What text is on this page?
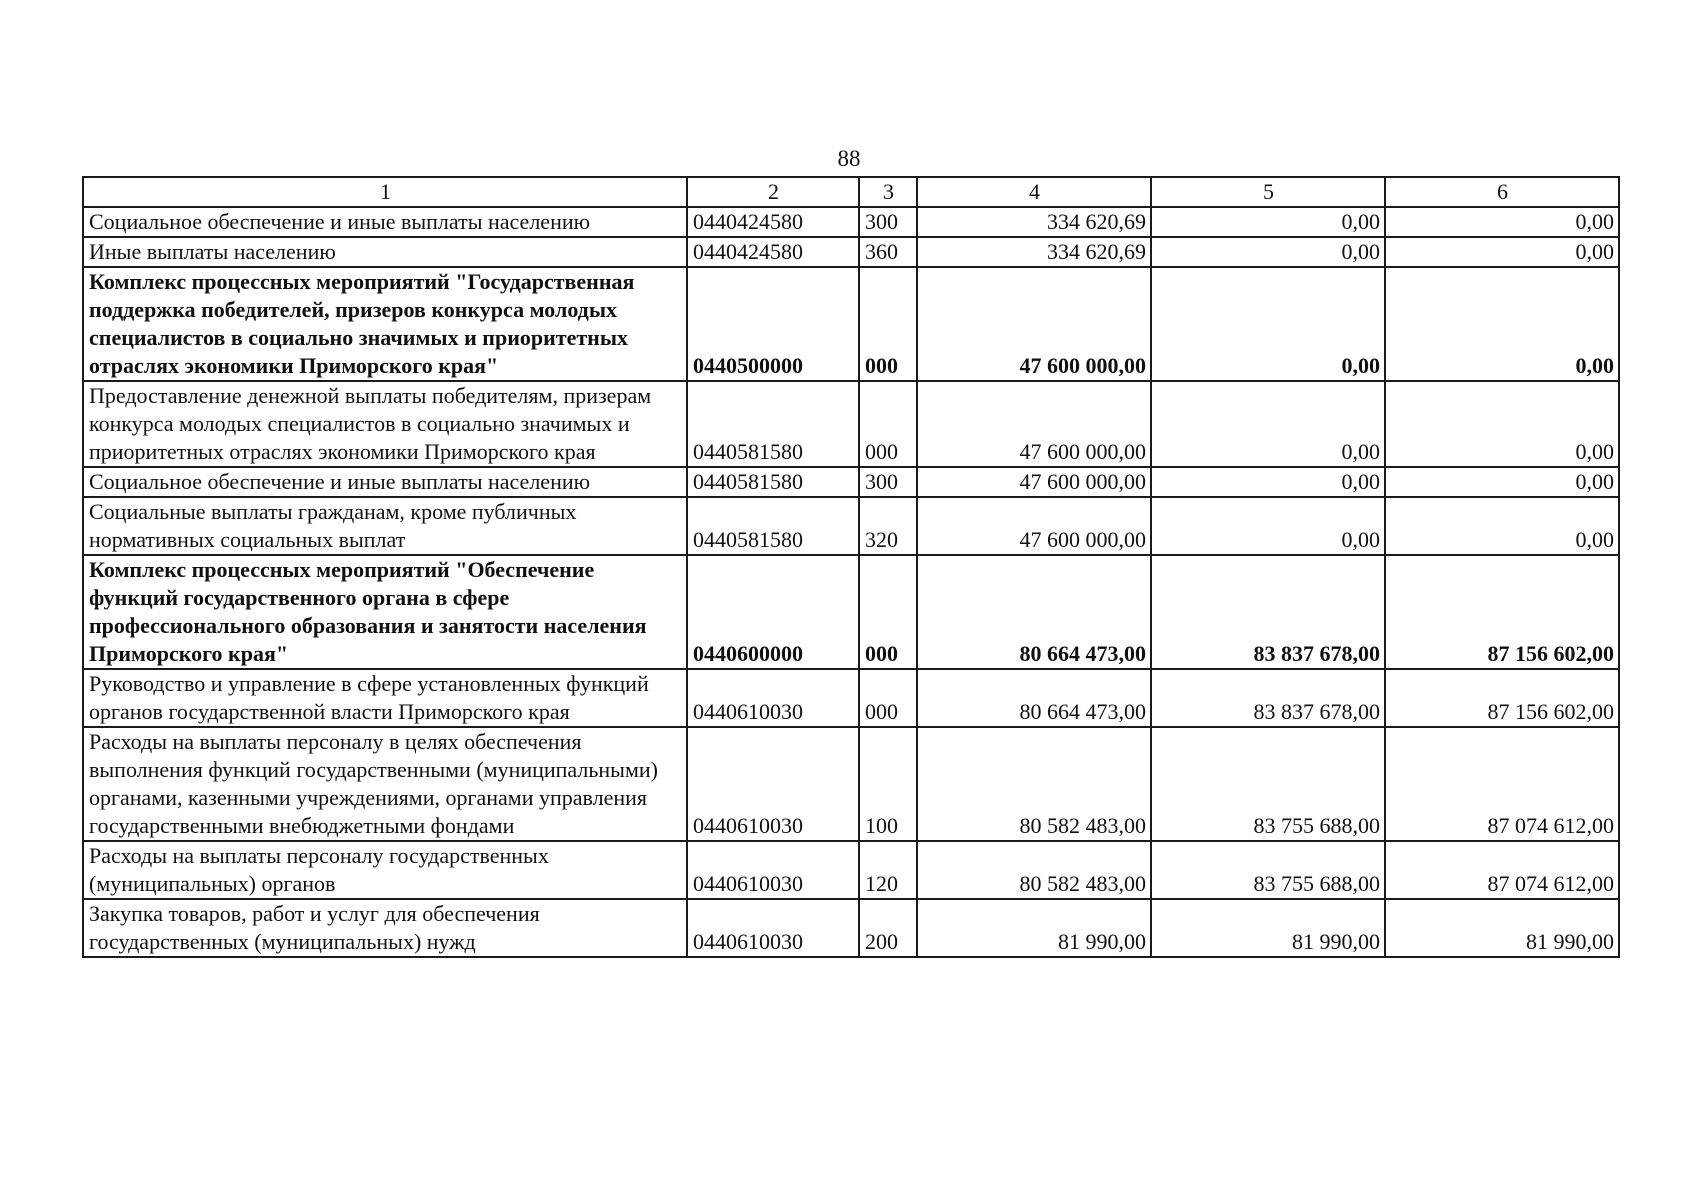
88
1	2	3	4	5	6
Социальное обеспечение и иные выплаты населению	0440424580	300	334 620,69	0,00	0,00
Иные выплаты населению	0440424580	360	334 620,69	0,00	0,00
Комплекс процессных мероприятий "Государственная поддержка победителей, призеров конкурса молодых специалистов в социально значимых и приоритетных отраслях экономики Приморского края"	0440500000	000	47 600 000,00	0,00	0,00
Предоставление денежной выплаты победителям, призерам конкурса молодых специалистов в социально значимых и приоритетных отраслях экономики Приморского края	0440581580	000	47 600 000,00	0,00	0,00
Социальное обеспечение и иные выплаты населению	0440581580	300	47 600 000,00	0,00	0,00
Социальные выплаты гражданам, кроме публичных нормативных социальных выплат	0440581580	320	47 600 000,00	0,00	0,00
Комплекс процессных мероприятий "Обеспечение функций государственного органа в сфере профессионального образования и занятости населения Приморского края"	0440600000	000	80 664 473,00	83 837 678,00	87 156 602,00
Руководство и управление в сфере установленных функций органов государственной власти Приморского края	0440610030	000	80 664 473,00	83 837 678,00	87 156 602,00
Расходы на выплаты персоналу в целях обеспечения выполнения функций государственными (муниципальными) органами, казенными учреждениями, органами управления государственными внебюджетными фондами	0440610030	100	80 582 483,00	83 755 688,00	87 074 612,00
Расходы на выплаты персоналу государственных (муниципальных) органов	0440610030	120	80 582 483,00	83 755 688,00	87 074 612,00
Закупка товаров, работ и услуг для обеспечения государственных (муниципальных) нужд	0440610030	200	81 990,00	81 990,00	81 990,00
